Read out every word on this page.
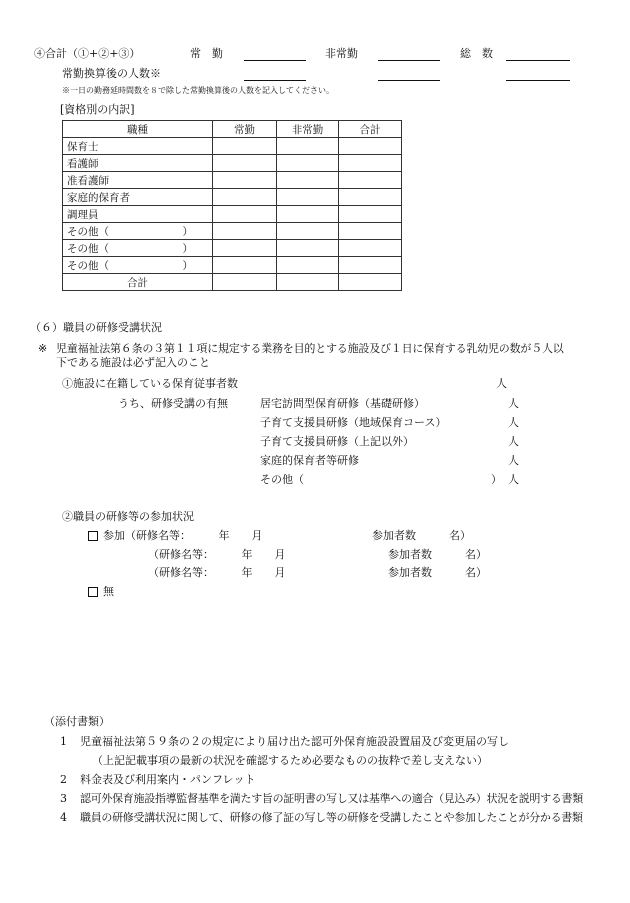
④合計（①+②+③）	常　勤	非常勤	総　数
常勤換算後の人数※
※一日の勤務延時間数を８で除した常勤換算後の人数を記入してください。
[資格別の内訳]
職種	常勤	非常勤	合計
保育士			
看護師			
准看護師			
家庭的保育者			
調理員			
その他（　　　　　　　）			
その他（　　　　　　　）			
その他（　　　　　　　）			
合計			
（６）職員の研修受講状況
※ 児童福祉法第６条の３第１１項に規定する業務を目的とする施設及び１日に保育する乳幼児の数が５人以
下である施設は必ず記入のこと
①施設に在籍している保育従事者数	人
うち、研修受講の有無	居宅訪問型保育研修（基礎研修）	人
子育て支援員研修（地域保育コース）	人
子育て支援員研修（上記以外）	人
家庭的保育者等研修	人
その他（　　　　　　　　　　　　　　　　　） 人
②職員の研修等の参加状況
参加（研修名等：　　　年　　月	参加者数　　　名）
（研修名等：　　　年　　月	参加者数　　　名）
（研修名等：　　　年　　月	参加者数　　　名）
無
（添付書類）
1 児童福祉法第５９条の２の規定により届け出た認可外保育施設設置届及び変更届の写し
（上記記載事項の最新の状況を確認するため必要なものの抜粋で差し支えない）
2 料金表及び利用案内・パンフレット
3 認可外保育施設指導監督基準を満たす旨の証明書の写し又は基準への適合（見込み）状況を説明する書類
4 職員の研修受講状況に関して、研修の修了証の写し等の研修を受講したことや参加したことが分かる書類
